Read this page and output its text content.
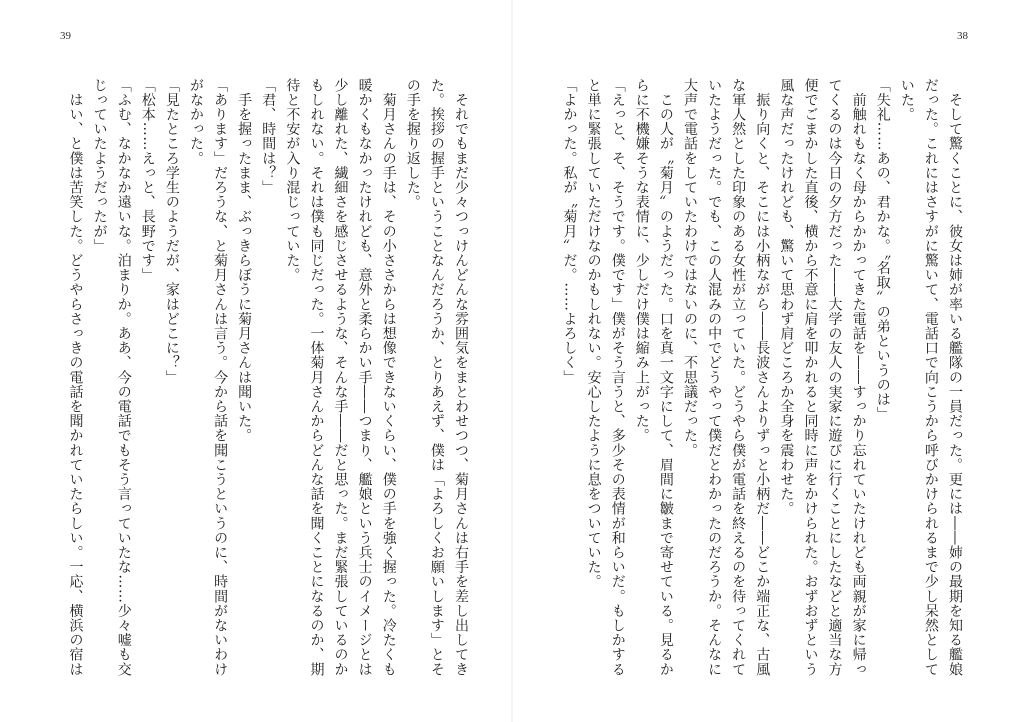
39	38

　そして驚くことに、彼女は姉が率いる艦隊の一員だった。更には――姉の最期を知る艦娘

だった。これにはさすがに驚いて、電話口で向こうから呼びかけられるまで少し呆然として

いた。

「失礼……あの、君かな。〝名取〟の弟というのは」

　前触れもなく母からかかってきた電話を――すっかり忘れていたけれども両親が家に帰っ

てくるのは今日の夕方だった――大学の友人の実家に遊びに行くことにしたなどと適当な方

便でごまかした直後、横から不意に肩を叩かれると同時に声をかけられた。おずおずという

風な声だったけれども、驚いて思わず肩どころか全身を震わせた。

　振り向くと、そこには小柄ながら――長波さんよりずっと小柄だ――どこか端正な、古風

な軍人然とした印象のある女性が立っていた。どうやら僕が電話を終えるのを待ってくれて

いたようだった。でも、この人混みの中でどうやって僕だとわかったのだろうか。そんなに

大声で電話をしていたわけではないのに、不思議だった。

　この人が〝菊月〟のようだった。口を真一文字にして、眉間に皺まで寄せている。見るか

らに不機嫌そうな表情に、少しだけ僕は縮み上がった。

「えっと、そ、そうです。僕です」僕がそう言うと、多少その表情が和らいだ。もしかする

と単に緊張していただけなのかもしれない。安心したように息をついていた。

「よかった。私が〝菊月〟だ。……よろしく」

　それでもまだ少々つっけんどんな雰囲気をまとわせつつ、菊月さんは右手を差し出してき

た。挨拶の握手ということなんだろうか、とりあえず、僕は「よろしくお願いします」とそ

の手を握り返した。

　菊月さんの手は、その小ささからは想像できないくらい、僕の手を強く握った。冷たくも

暖かくもなかったけれども、意外と柔らかい手――つまり、艦娘という兵士のイメージとは

少し離れた、繊細さを感じさせるような、そんな手――だと思った。まだ緊張しているのか

もしれない。それは僕も同じだった。一体菊月さんからどんな話を聞くことになるのか、期

待と不安が入り混じっていた。

「君、時間は？」

　手を握ったまま、ぶっきらぼうに菊月さんは聞いた。

「あります」だろうな、と菊月さんは言う。今から話を聞こうというのに、時間がないわけ

がなかった。

「見たところ学生のようだが、家はどこに？」

「松本……えっと、長野です」

「ふむ、なかなか遠いな。泊まりか。ああ、今の電話でもそう言っていたな……少々嘘も交

じっていたようだったが」

　はい、と僕は苦笑した。どうやらさっきの電話を聞かれていたらしい。一応、横浜の宿は
